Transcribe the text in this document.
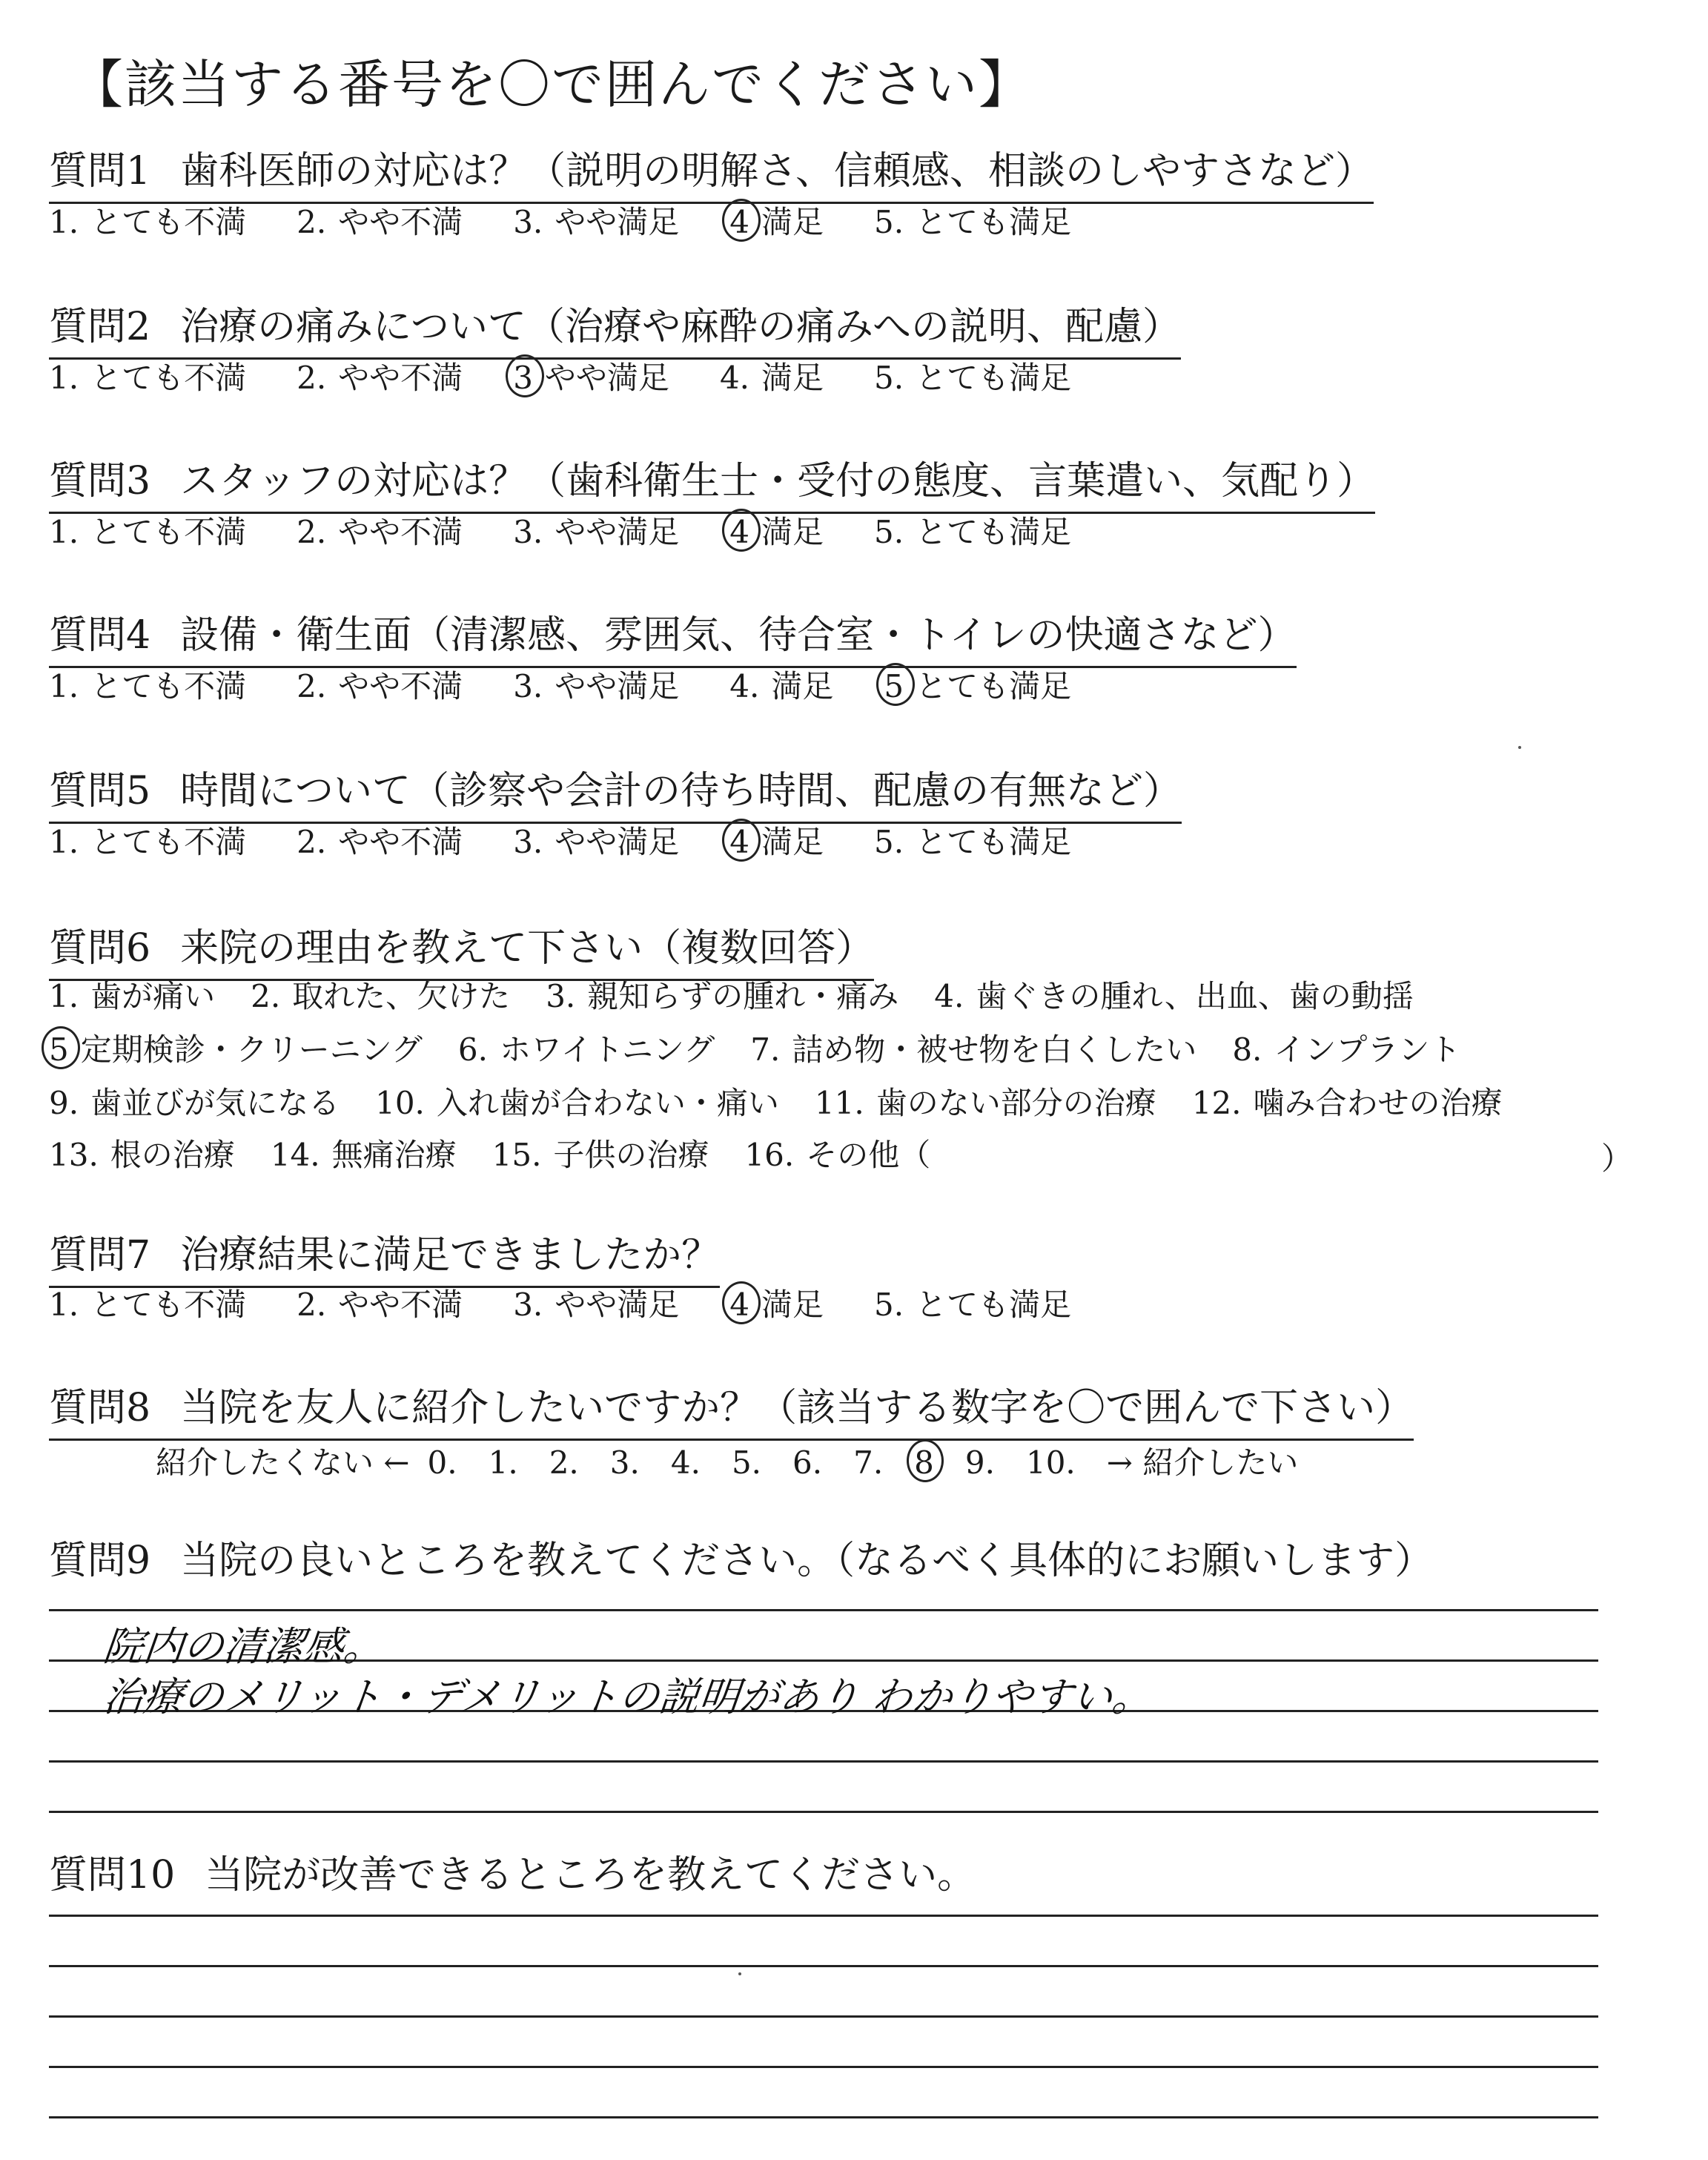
【該当する番号を〇で囲んでください】
質問1 歯科医師の対応は？（説明の明解さ、信頼感、相談のしやすさなど）
1. とても不満 2. やや不満 3. やや満足 4 満足 5. とても満足
質問2 治療の痛みについて（治療や麻酔の痛みへの説明、配慮）
1. とても不満 2. やや不満 3 やや満足 4. 満足 5. とても満足
質問3 スタッフの対応は？（歯科衛生士・受付の態度、言葉遣い、気配り）
1. とても不満 2. やや不満 3. やや満足 4 満足 5. とても満足
質問4 設備・衛生面（清潔感、雰囲気、待合室・トイレの快適さなど）
1. とても不満 2. やや不満 3. やや満足 4. 満足 5 とても満足
質問5 時間について（診察や会計の待ち時間、配慮の有無など）
1. とても不満 2. やや不満 3. やや満足 4 満足 5. とても満足
質問6 来院の理由を教えて下さい（複数回答）
1. 歯が痛い 2. 取れた、欠けた 3. 親知らずの腫れ・痛み 4. 歯ぐきの腫れ、出血、歯の動揺
5 定期検診・クリーニング 6. ホワイトニング 7. 詰め物・被せ物を白くしたい 8. インプラント
9. 歯並びが気になる 10. 入れ歯が合わない・痛い 11. 歯のない部分の治療 12. 噛み合わせの治療
13. 根の治療 14. 無痛治療 15. 子供の治療 16. その他（	）
質問7 治療結果に満足できましたか？
1. とても不満 2. やや不満 3. やや満足 4 満足 5. とても満足
質問8 当院を友人に紹介したいですか？（該当する数字を〇で囲んで下さい）
紹介したくない ← 0. 1. 2. 3. 4. 5. 6. 7. 8 9. 10. → 紹介したい
質問9 当院の良いところを教えてください。（なるべく具体的にお願いします）
院内の清潔感。
治療のメリット・デメリットの説明があり わかりやすい。
質問10 当院が改善できるところを教えてください。
